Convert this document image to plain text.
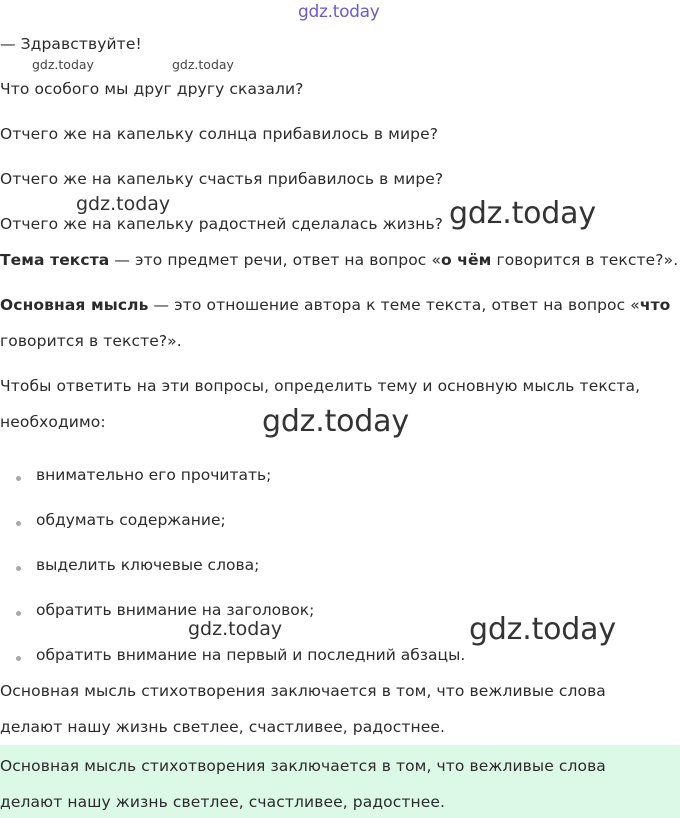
gdz.today
gdz.today	gdz.today
gdz.today	gdz.today
gdz.today
gdz.today	gdz.today
— Здравствуйте!
Что особого мы друг другу сказали?
Отчего же на капельку солнца прибавилось в мире?
Отчего же на капельку счастья прибавилось в мире?
Отчего же на капельку радостней сделалась жизнь?
Тема текста — это предмет речи, ответ на вопрос «о чём говорится в тексте?».
Основная мысль — это отношение автора к теме текста, ответ на вопрос «что
говорится в тексте?».
Чтобы ответить на эти вопросы, определить тему и основную мысль текста,
необходимо:
внимательно его прочитать;
обдумать содержание;
выделить ключевые слова;
обратить внимание на заголовок;
обратить внимание на первый и последний абзацы.
Основная мысль стихотворения заключается в том, что вежливые слова
делают нашу жизнь светлее, счастливее, радостнее.
Основная мысль стихотворения заключается в том, что вежливые слова
делают нашу жизнь светлее, счастливее, радостнее.
